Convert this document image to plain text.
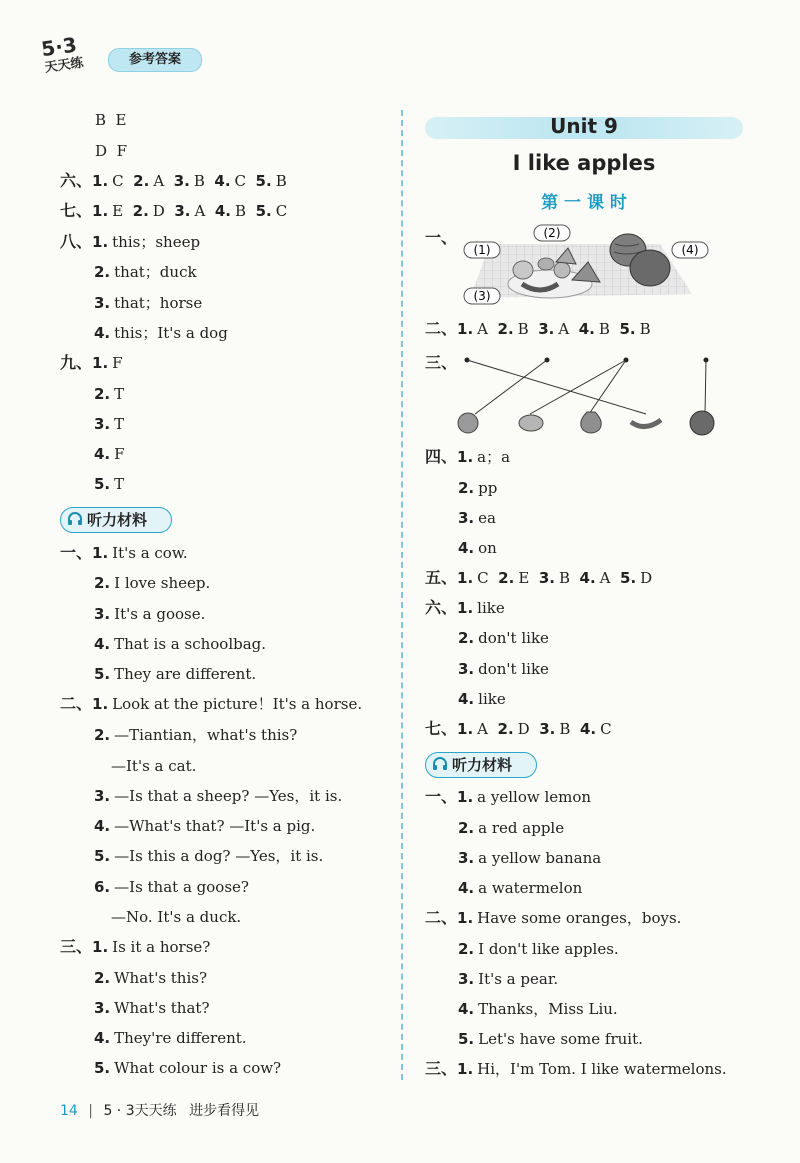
5·3
天天练	参考答案
B  E
D  F
六、1. C  2. A  3. B  4. C  5. B
七、1. E  2. D  3. A  4. B  5. C
八、1. this；sheep
2. that；duck
3. that；horse
4. this；It's a dog
九、1. F
2. T
3. T
4. F
5. T
一、1. It's a cow.
2. I love sheep.
3. It's a goose.
4. That is a schoolbag.
5. They are different.
二、1. Look at the picture！It's a horse.
2. —Tiantian，what's this?
—It's a cat.
3. —Is that a sheep? —Yes，it is.
4. —What's that? —It's a pig.
5. —Is this a dog? —Yes，it is.
6. —Is that a goose?
—No. It's a duck.
三、1. Is it a horse?
2. What's this?
3. What's that?
4. They're different.
5. What colour is a cow?
听力材料
Unit 9
I like apples
第 一 课 时
一、
(1)
(2)
(3)
(4)
三、
二、1. A  2. B  3. A  4. B  5. B
四、1. a；a
2. pp
3. ea
4. on
五、1. C  2. E  3. B  4. A  5. D
六、1. like
2. don't like
3. don't like
4. like
七、1. A  2. D  3. B  4. C
一、1. a yellow lemon
2. a red apple
3. a yellow banana
4. a watermelon
二、1. Have some oranges，boys.
2. I don't like apples.
3. It's a pear.
4. Thanks，Miss Liu.
5. Let's have some fruit.
三、1. Hi，I'm Tom. I like watermelons.
听力材料
14 | 5 · 3天天练 进步看得见
